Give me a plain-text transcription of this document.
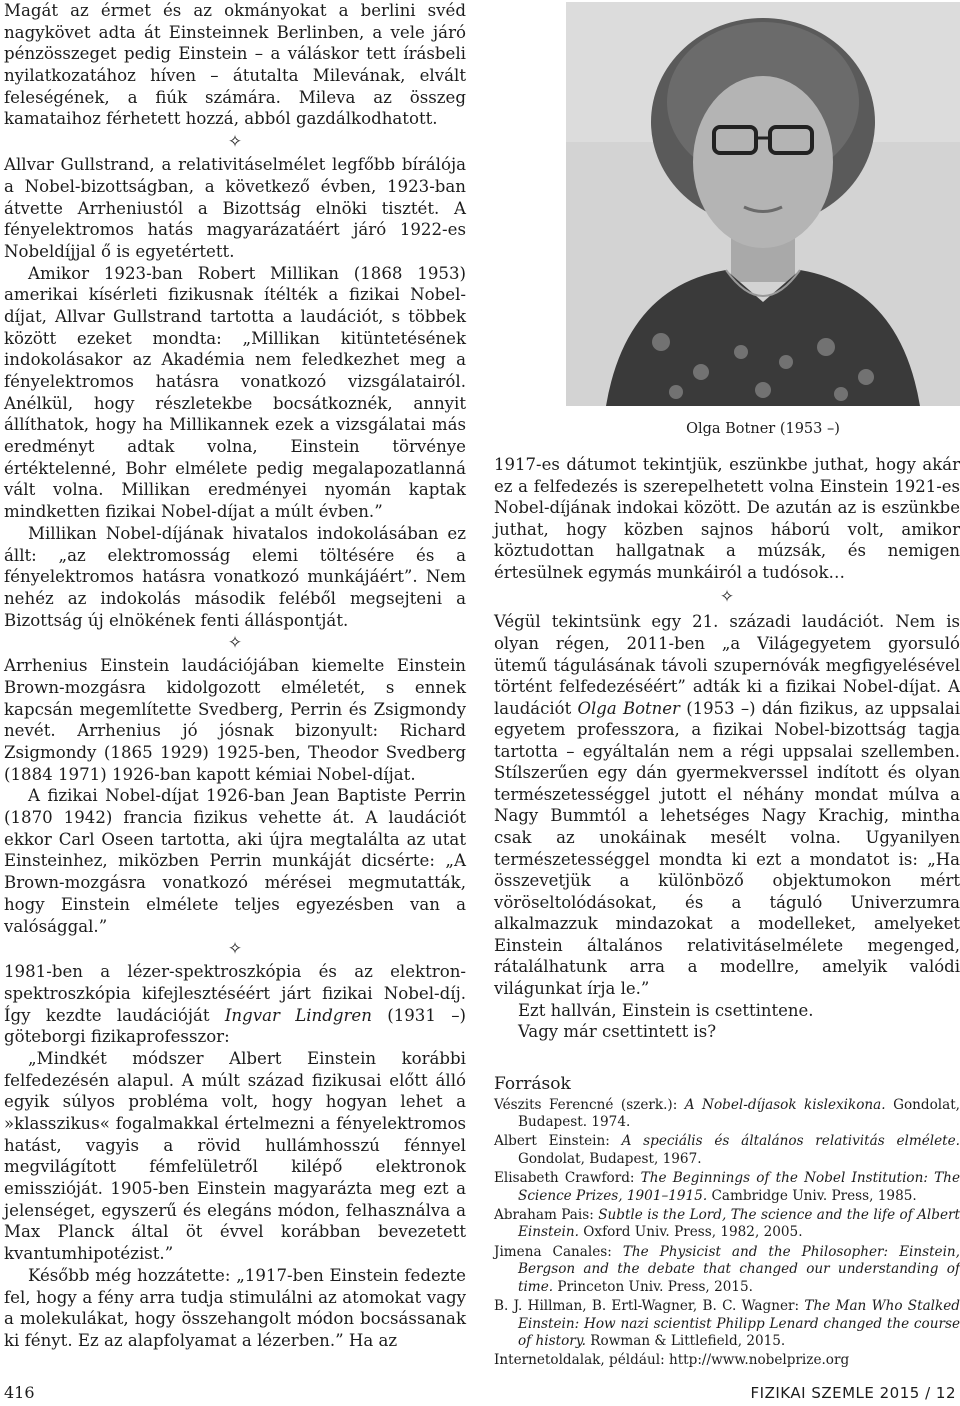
Magát az érmet és az okmányokat a berlini svéd nagykövet adta át Einsteinnek Berlinben, a vele járó pénzösszeget pedig Einstein – a váláskor tett írásbeli nyilatkozatához híven – átutalta Milevának, elvált feleségének, a fiúk számára. Mileva az összeg kamataihoz férhetett hozzá, abból gazdálkodhatott.

✧

Allvar Gullstrand, a relativitáselmélet legfőbb bírálója a Nobel-bizottságban, a következő évben, 1923-ban átvette Arrheniustól a Bizottság elnöki tisztét. A fényelektromos hatás magyarázatáért járó 1922-es Nobeldíjjal ő is egyetértett.

Amikor 1923-ban Robert Millikan (1868 1953) amerikai kísérleti fizikusnak ítélték a fizikai Nobel-díjat, Allvar Gullstrand tartotta a laudációt, s többek között ezeket mondta: „Millikan kitüntetésének indokolásakor az Akadémia nem feledkezhet meg a fényelektromos hatásra vonatkozó vizsgálatairól. Anélkül, hogy részletekbe bocsátkoznék, annyit állíthatok, hogy ha Millikannek ezek a vizsgálatai más eredményt adtak volna, Einstein törvénye értéktelenné, Bohr elmélete pedig megalapozatlanná vált volna. Millikan eredményei nyomán kaptak mindketten fizikai Nobel-díjat a múlt évben.”

Millikan Nobel-díjának hivatalos indokolásában ez állt: „az elektromosság elemi töltésére és a fényelektromos hatásra vonatkozó munkájáért”. Nem nehéz az indokolás második feléből megsejteni a Bizottság új elnökének fenti álláspontját.

✧

Arrhenius Einstein laudációjában kiemelte Einstein Brown-mozgásra kidolgozott elméletét, s ennek kapcsán megemlítette Svedberg, Perrin és Zsigmondy nevét. Arrhenius jó jósnak bizonyult: Richard Zsigmondy (1865 1929) 1925-ben, Theodor Svedberg (1884 1971) 1926-ban kapott kémiai Nobel-díjat.

A fizikai Nobel-díjat 1926-ban Jean Baptiste Perrin (1870 1942) francia fizikus vehette át. A laudációt ekkor Carl Oseen tartotta, aki újra megtalálta az utat Einsteinhez, miközben Perrin munkáját dicsérte: „A Brown-mozgásra vonatkozó mérései megmutatták, hogy Einstein elmélete teljes egyezésben van a valósággal.”

✧

1981-ben a lézer-spektroszkópia és az elektron-spektroszkópia kifejlesztéséért járt fizikai Nobel-díj. Így kezdte laudációját Ingvar Lindgren (1931 –) göteborgi fizikaprofesszor:

„Mindkét módszer Albert Einstein korábbi felfedezésén alapul. A múlt század fizikusai előtt álló egyik súlyos probléma volt, hogy hogyan lehet a »klasszikus« fogalmakkal értelmezni a fényelektromos hatást, vagyis a rövid hullámhosszú fénnyel megvilágított fémfelületről kilépő elektronok emisszióját. 1905-ben Einstein magyarázta meg ezt a jelenséget, egyszerű és elegáns módon, felhasználva a Max Planck által öt évvel korábban bevezetett kvantumhipotézist.”

Később még hozzátette: „1917-ben Einstein fedezte fel, hogy a fény arra tudja stimulálni az atomokat vagy a molekulákat, hogy összehangolt módon bocsássanak ki fényt. Ez az alapfolyamat a lézerben.” Ha az

Olga Botner (1953 –)

1917-es dátumot tekintjük, eszünkbe juthat, hogy akár ez a felfedezés is szerepelhetett volna Einstein 1921-es Nobel-díjának indokai között. De azután az is eszünkbe juthat, hogy közben sajnos háború volt, amikor köztudottan hallgatnak a múzsák, és nemigen értesülnek egymás munkáiról a tudósok…

✧

Végül tekintsünk egy 21. századi laudációt. Nem is olyan régen, 2011-ben „a Világegyetem gyorsuló ütemű tágulásának távoli szupernóvák megfigyelésével történt felfedezéséért” adták ki a fizikai Nobel-díjat. A laudációt Olga Botner (1953 –) dán fizikus, az uppsalai egyetem professzora, a fizikai Nobel-bizottság tagja tartotta – egyáltalán nem a régi uppsalai szellemben. Stílszerűen egy dán gyermekverssel indított és olyan természetességgel jutott el néhány mondat múlva a Nagy Bummtól a lehetséges Nagy Krachig, mintha csak az unokáinak mesélt volna. Ugyanilyen természetességgel mondta ki ezt a mondatot is: „Ha összevetjük a különböző objektumokon mért vöröseltolódásokat, és a táguló Univerzumra alkalmazzuk mindazokat a modelleket, amelyeket Einstein általános relativitáselmélete megenged, rátalálhatunk arra a modellre, amelyik valódi világunkat írja le.”

Ezt hallván, Einstein is csettintene.

Vagy már csettintett is?

Források

Vészits Ferencné (szerk.): A Nobel-díjasok kislexikona. Gondolat, Budapest. 1974.

Albert Einstein: A speciális és általános relativitás elmélete. Gondolat, Budapest, 1967.

Elisabeth Crawford: The Beginnings of the Nobel Institution: The Science Prizes, 1901–1915. Cambridge Univ. Press, 1985.

Abraham Pais: Subtle is the Lord, The science and the life of Albert Einstein. Oxford Univ. Press, 1982, 2005.

Jimena Canales: The Physicist and the Philosopher: Einstein, Bergson and the debate that changed our understanding of time. Princeton Univ. Press, 2015.

B. J. Hillman, B. Ertl-Wagner, B. C. Wagner: The Man Who Stalked Einstein: How nazi scientist Philipp Lenard changed the course of history. Rowman & Littlefield, 2015.

Internetoldalak, például: http://www.nobelprize.org

416	FIZIKAI SZEMLE 2015 / 12
